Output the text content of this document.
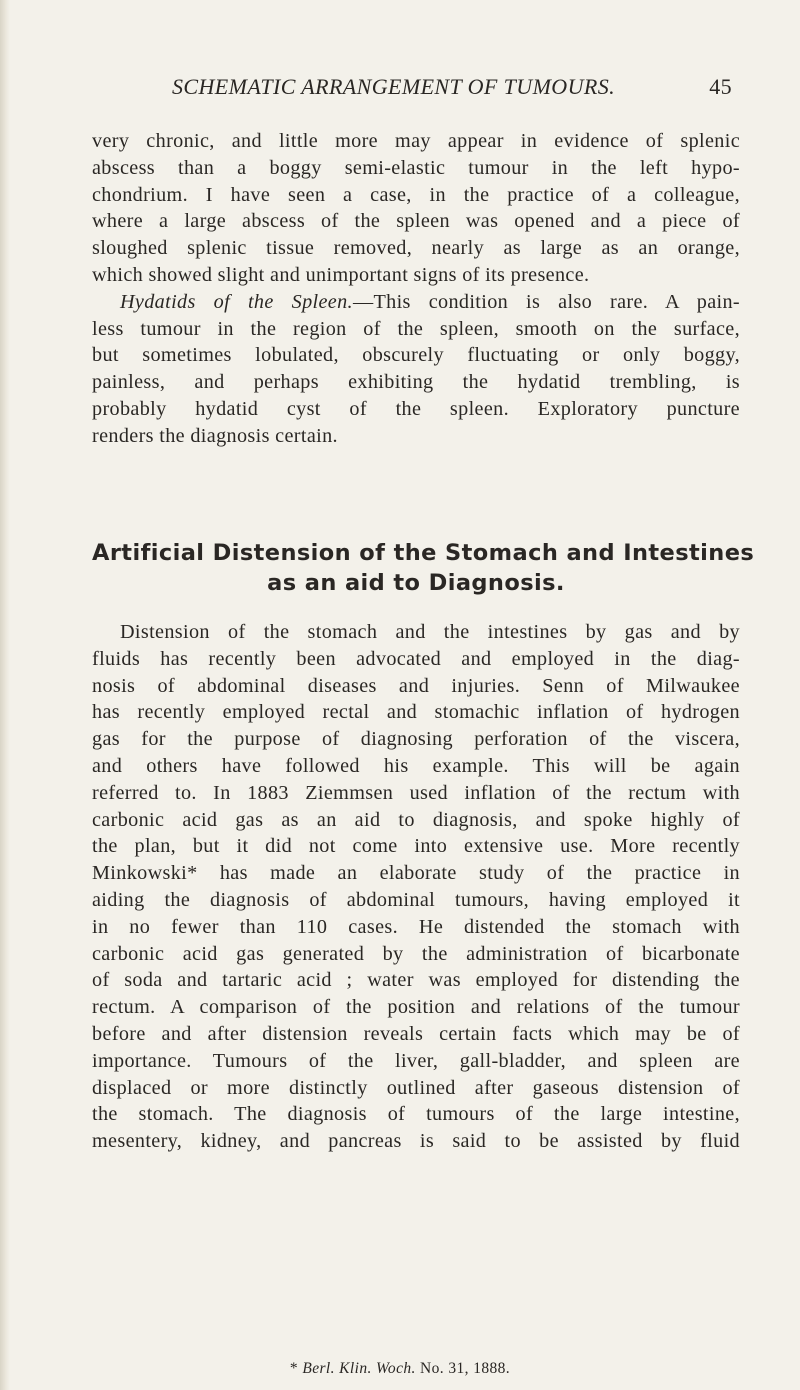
SCHEMATIC ARRANGEMENT OF TUMOURS.	45
very chronic, and little more may appear in evidence of splenic
abscess than a boggy semi-elastic tumour in the left hypo-
chondrium. I have seen a case, in the practice of a colleague,
where a large abscess of the spleen was opened and a piece of
sloughed splenic tissue removed, nearly as large as an orange,
which showed slight and unimportant signs of its presence.
Hydatids of the Spleen.—This condition is also rare. A pain-
less tumour in the region of the spleen, smooth on the surface,
but sometimes lobulated, obscurely fluctuating or only boggy,
painless, and perhaps exhibiting the hydatid trembling, is
probably hydatid cyst of the spleen. Exploratory puncture
renders the diagnosis certain.
Artificial Distension of the Stomach and Intestines
as an aid to Diagnosis.
Distension of the stomach and the intestines by gas and by
fluids has recently been advocated and employed in the diag-
nosis of abdominal diseases and injuries. Senn of Milwaukee
has recently employed rectal and stomachic inflation of hydrogen
gas for the purpose of diagnosing perforation of the viscera,
and others have followed his example. This will be again
referred to. In 1883 Ziemmsen used inflation of the rectum with
carbonic acid gas as an aid to diagnosis, and spoke highly of
the plan, but it did not come into extensive use. More recently
Minkowski* has made an elaborate study of the practice in
aiding the diagnosis of abdominal tumours, having employed it
in no fewer than 110 cases. He distended the stomach with
carbonic acid gas generated by the administration of bicarbonate
of soda and tartaric acid ; water was employed for distending the
rectum. A comparison of the position and relations of the tumour
before and after distension reveals certain facts which may be of
importance. Tumours of the liver, gall-bladder, and spleen are
displaced or more distinctly outlined after gaseous distension of
the stomach. The diagnosis of tumours of the large intestine,
mesentery, kidney, and pancreas is said to be assisted by fluid
* Berl. Klin. Woch. No. 31, 1888.
